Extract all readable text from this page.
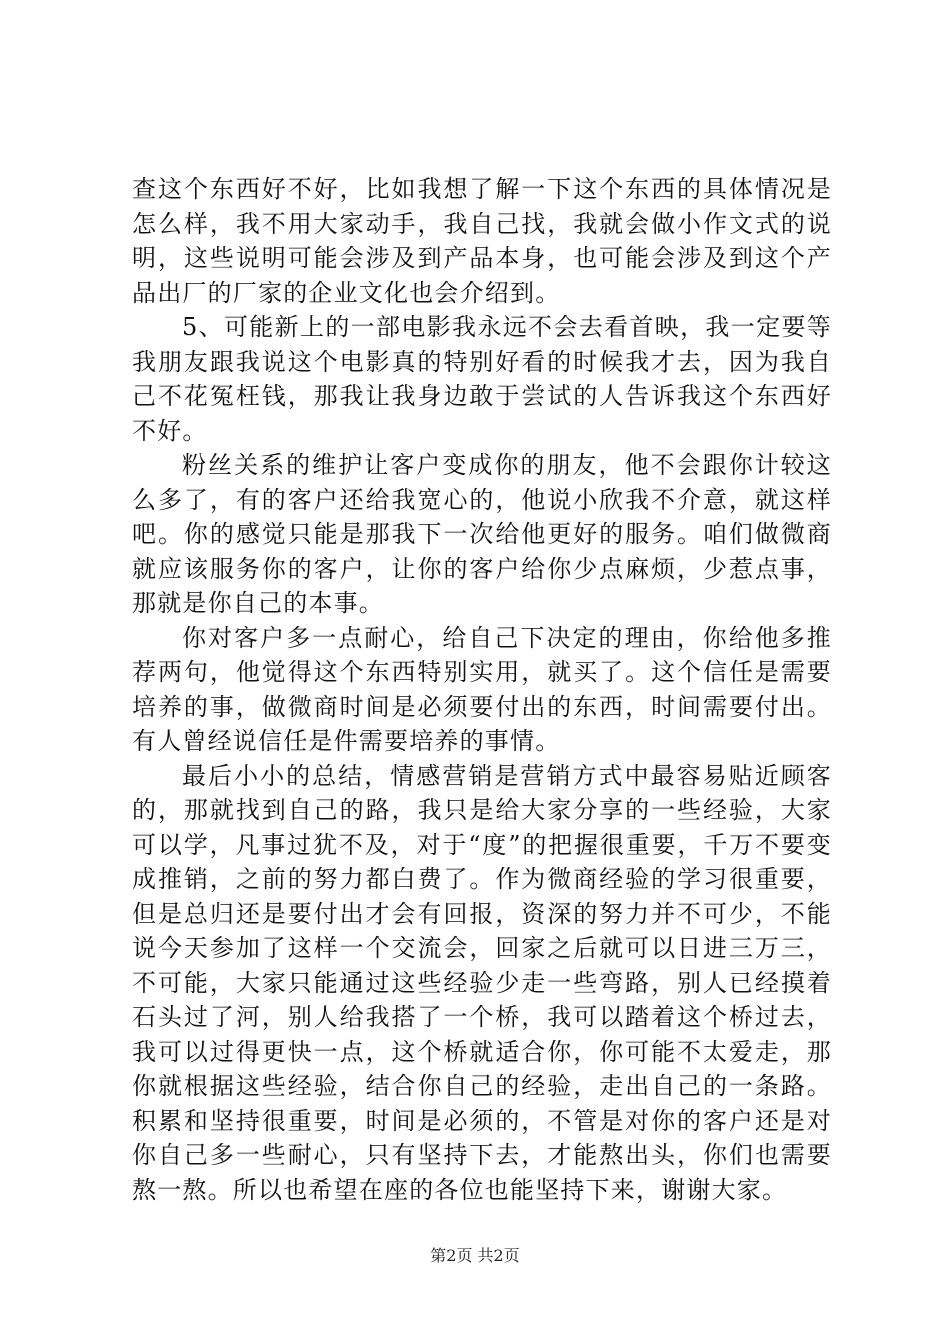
查这个东西好不好，比如我想了解一下这个东西的具体情况是怎么样，我不用大家动手，我自己找，我就会做小作文式的说明，这些说明可能会涉及到产品本身，也可能会涉及到这个产品出厂的厂家的企业文化也会介绍到。

5、可能新上的一部电影我永远不会去看首映，我一定要等我朋友跟我说这个电影真的特别好看的时候我才去，因为我自己不花冤枉钱，那我让我身边敢于尝试的人告诉我这个东西好不好。

粉丝关系的维护让客户变成你的朋友，他不会跟你计较这么多了，有的客户还给我宽心的，他说小欣我不介意，就这样吧。你的感觉只能是那我下一次给他更好的服务。咱们做微商就应该服务你的客户，让你的客户给你少点麻烦，少惹点事，那就是你自己的本事。

你对客户多一点耐心，给自己下决定的理由，你给他多推荐两句，他觉得这个东西特别实用，就买了。这个信任是需要培养的事，做微商时间是必须要付出的东西，时间需要付出。有人曾经说信任是件需要培养的事情。

最后小小的总结，情感营销是营销方式中最容易贴近顾客的，那就找到自己的路，我只是给大家分享的一些经验，大家可以学，凡事过犹不及，对于“度”的把握很重要，千万不要变成推销，之前的努力都白费了。作为微商经验的学习很重要，但是总归还是要付出才会有回报，资深的努力并不可少，不能说今天参加了这样一个交流会，回家之后就可以日进三万三，不可能，大家只能通过这些经验少走一些弯路，别人已经摸着石头过了河，别人给我搭了一个桥，我可以踏着这个桥过去，我可以过得更快一点，这个桥就适合你，你可能不太爱走，那你就根据这些经验，结合你自己的经验，走出自己的一条路。积累和坚持很重要，时间是必须的，不管是对你的客户还是对你自己多一些耐心，只有坚持下去，才能熬出头，你们也需要熬一熬。所以也希望在座的各位也能坚持下来，谢谢大家。

第2页 共2页
